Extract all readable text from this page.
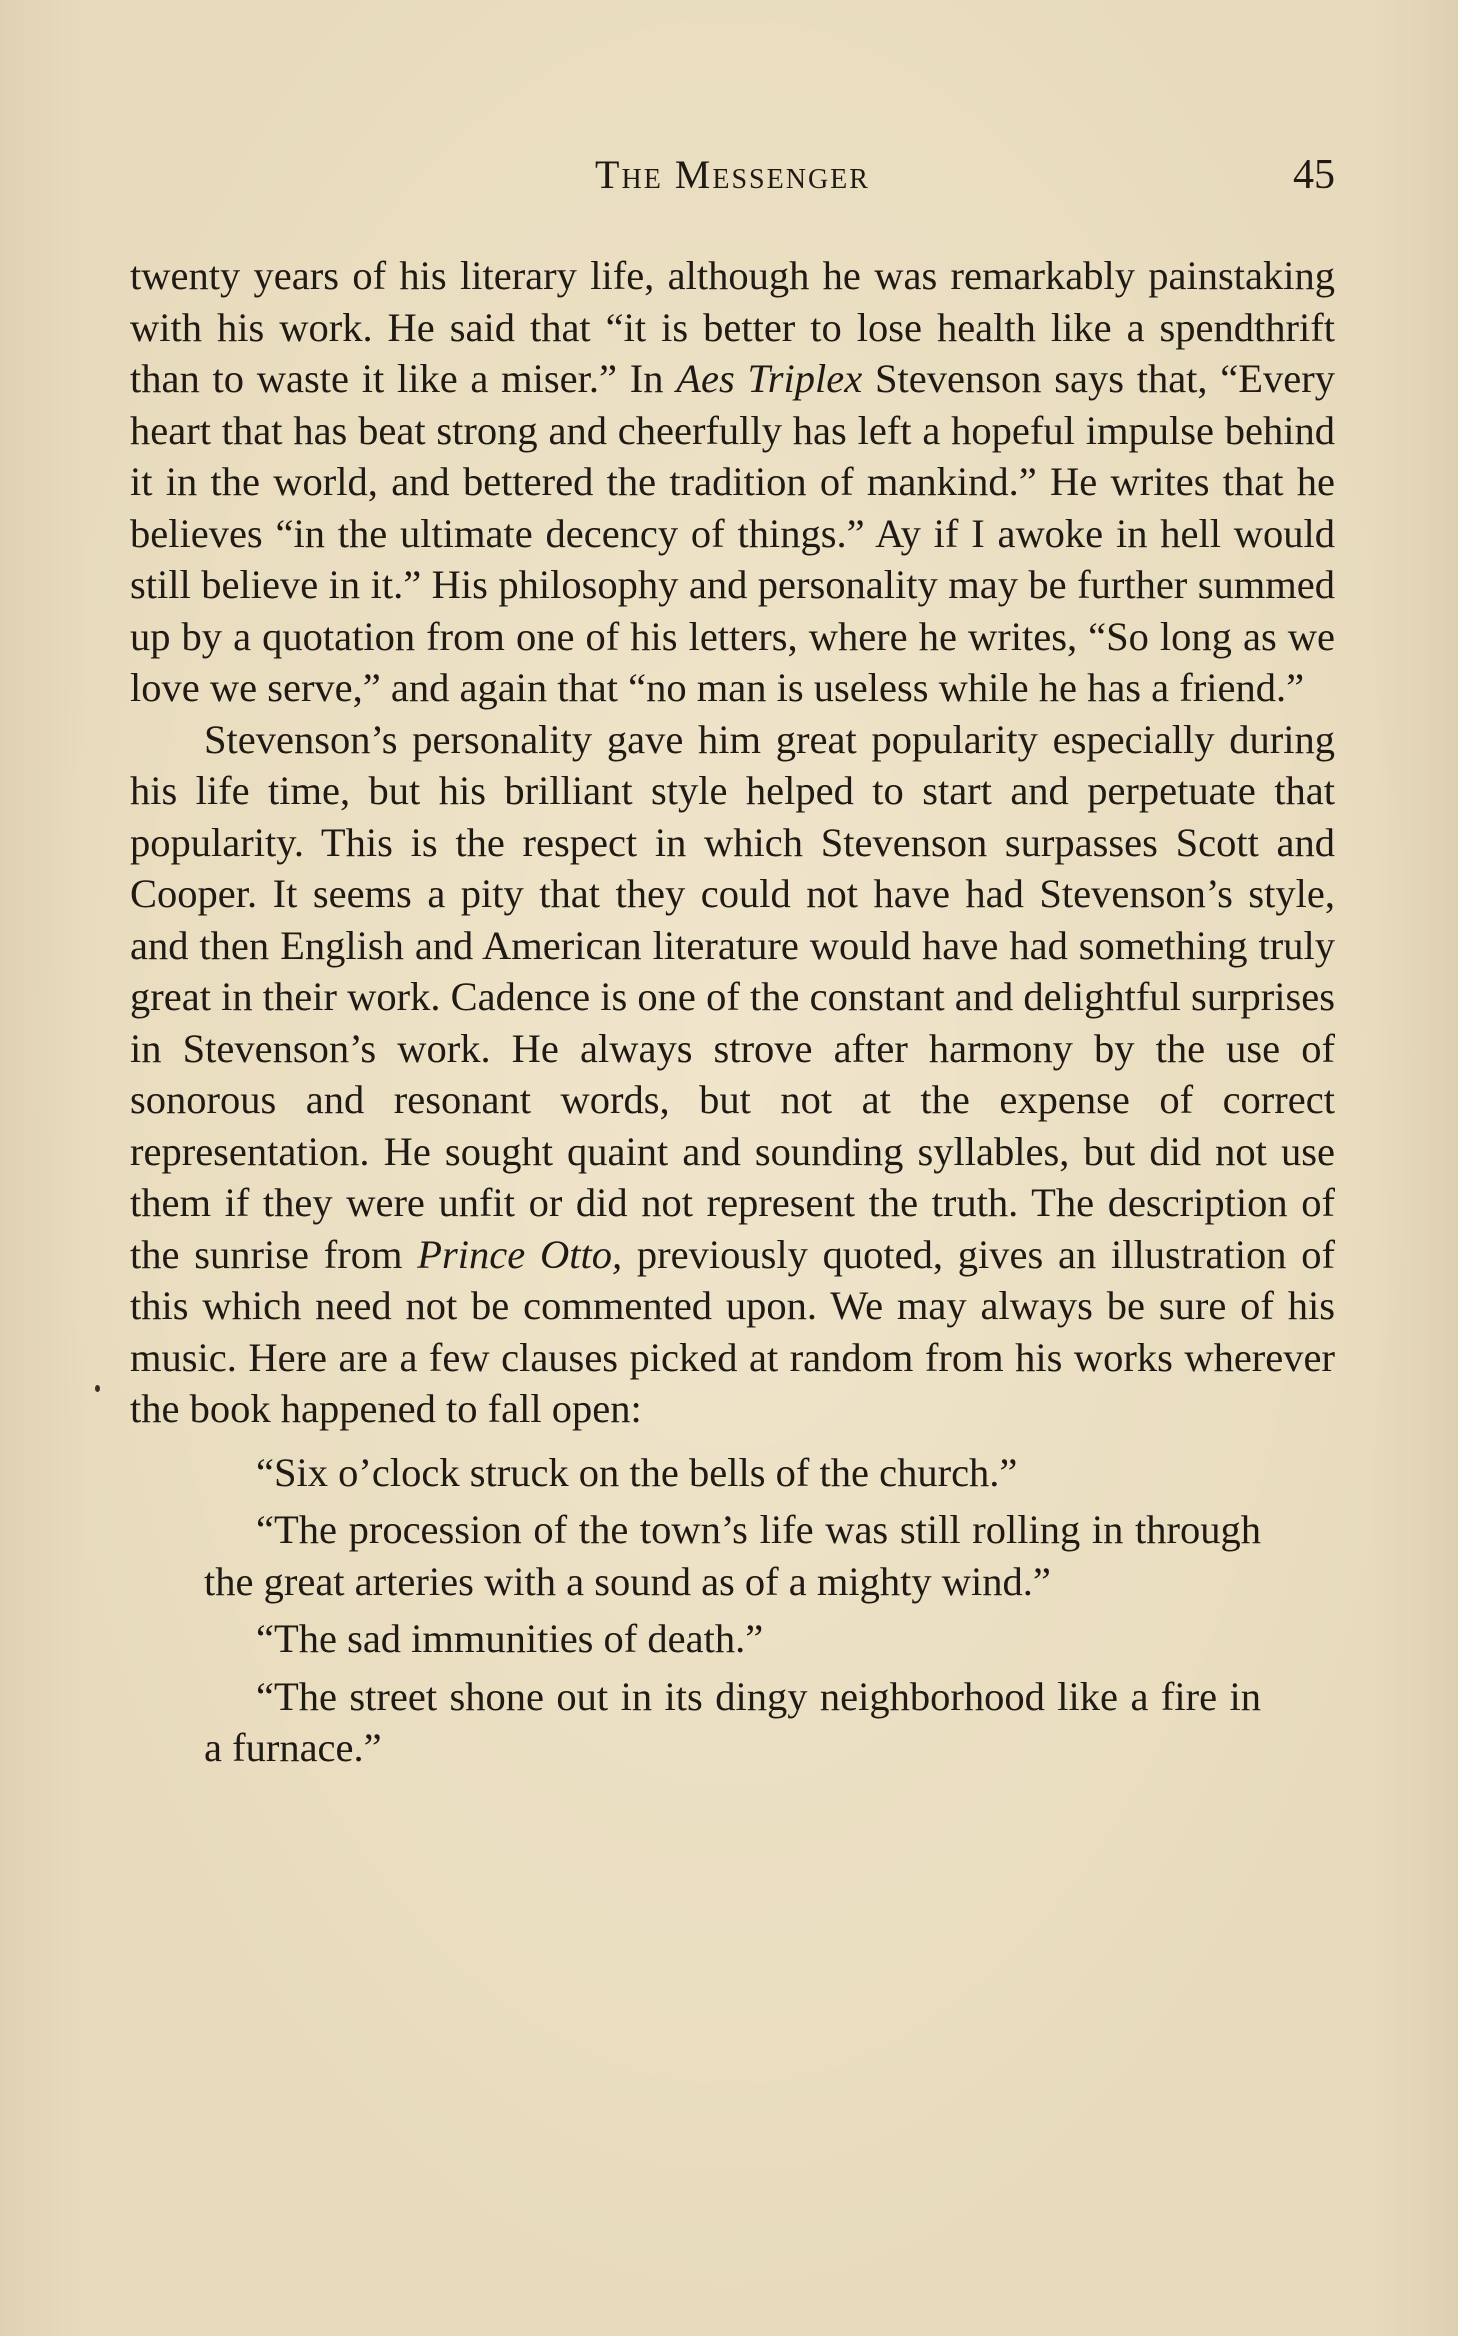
The Messenger	45

twenty years of his literary life, although he was remarkably painstaking with his work. He said that “it is better to lose health like a spendthrift than to waste it like a miser.” In Aes Triplex Stevenson says that, “Every heart that has beat strong and cheerfully has left a hopeful impulse behind it in the world, and bettered the tradition of mankind.” He writes that he believes “in the ultimate decency of things.” Ay if I awoke in hell would still believe in it.” His philosophy and personality may be further summed up by a quotation from one of his letters, where he writes, “So long as we love we serve,” and again that “no man is useless while he has a friend.”

Stevenson’s personality gave him great popularity especially during his life time, but his brilliant style helped to start and perpetuate that popularity. This is the respect in which Stevenson surpasses Scott and Cooper. It seems a pity that they could not have had Stevenson’s style, and then English and American literature would have had something truly great in their work. Cadence is one of the constant and delightful surprises in Stevenson’s work. He always strove after harmony by the use of sonorous and resonant words, but not at the expense of correct representation. He sought quaint and sounding syllables, but did not use them if they were unfit or did not represent the truth. The description of the sunrise from Prince Otto, previously quoted, gives an illustration of this which need not be commented upon. We may always be sure of his music. Here are a few clauses picked at random from his works wherever the book happened to fall open:

“Six o’clock struck on the bells of the church.”

“The procession of the town’s life was still rolling in through the great arteries with a sound as of a mighty wind.”

“The sad immunities of death.”

“The street shone out in its dingy neighborhood like a fire in a furnace.”
